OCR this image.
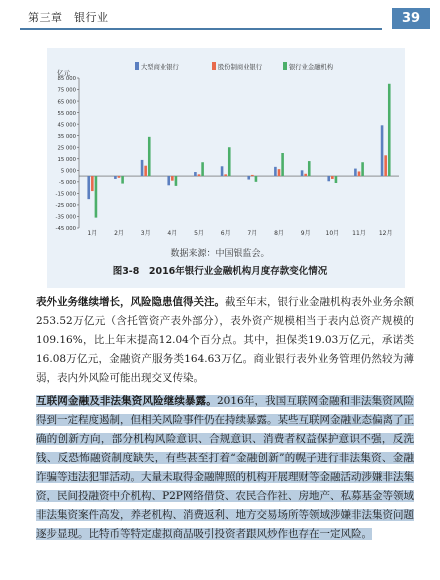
第三章　银行业	39
85 000
75 000
65 000
55 000
45 000
35 000
25 000
15 000
5 000
-5 000
-15 000
-25 000
-35 000
-45 000
亿元
1月	2月	3月	4月	5月	6月	7月	8月	9月 10月 11月 12月
大型商业银行	股份制商业银行	银行业金融机构
数据来源：中国银监会。
图3-8　2016年银行业金融机构月度存款变化情况

表外业务继续增长，风险隐患值得关注。截至年末，银行业金融机构表外业务余额253.52万亿元（含托管资产表外部分），表外资产规模相当于表内总资产规模的109.16%，比上年末提高12.04个百分点。其中，担保类19.03万亿元，承诺类16.08万亿元，金融资产服务类164.63万亿。商业银行表外业务管理仍然较为薄弱，表内外风险可能出现交叉传染。

互联网金融及非法集资风险继续暴露。2016年，我国互联网金融和非法集资风险得到一定程度遏制，但相关风险事件仍在持续暴露。某些互联网金融业态偏离了正确的创新方向，部分机构风险意识、合规意识、消费者权益保护意识不强，反洗钱、反恐怖融资制度缺失，有些甚至打着“金融创新”的幌子进行非法集资、金融诈骗等违法犯罪活动。大量未取得金融牌照的机构开展理财等金融活动涉嫌非法集资，民间投融资中介机构、P2P网络借贷、农民合作社、房地产、私募基金等领域非法集资案件高发，养老机构、消费返利、地方交易场所等领域涉嫌非法集资问题逐步显现。比特币等特定虚拟商品吸引投资者跟风炒作也存在一定风险。
